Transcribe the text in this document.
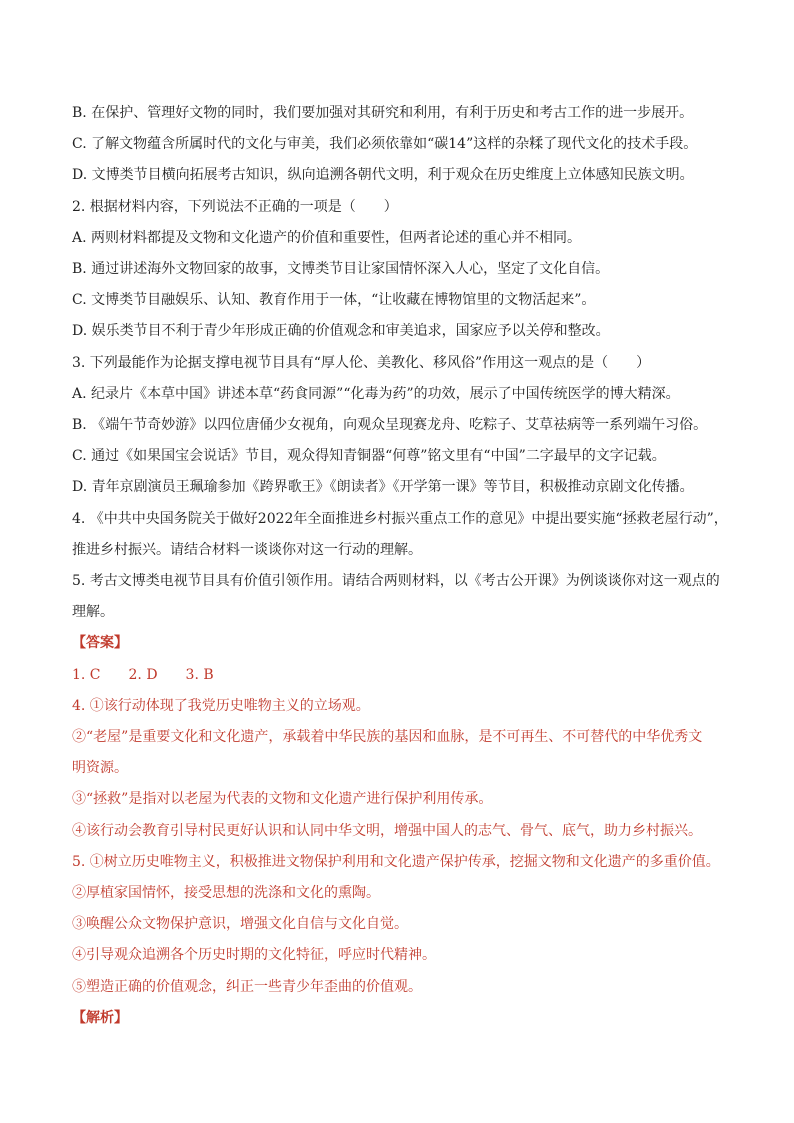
B. 在保护、管理好文物的同时，我们要加强对其研究和利用，有利于历史和考古工作的进一步展开。
C. 了解文物蕴含所属时代的文化与审美，我们必须依靠如“碳14”这样的杂糅了现代文化的技术手段。
D. 文博类节目横向拓展考古知识，纵向追溯各朝代文明，利于观众在历史维度上立体感知民族文明。
2. 根据材料内容，下列说法不正确的一项是（　　）
A. 两则材料都提及文物和文化遗产的价值和重要性，但两者论述的重心并不相同。
B. 通过讲述海外文物回家的故事，文博类节目让家国情怀深入人心，坚定了文化自信。
C. 文博类节目融娱乐、认知、教育作用于一体，“让收藏在博物馆里的文物活起来”。
D. 娱乐类节目不利于青少年形成正确的价值观念和审美追求，国家应予以关停和整改。
3. 下列最能作为论据支撑电视节目具有“厚人伦、美教化、移风俗”作用这一观点的是（　　）
A. 纪录片《本草中国》讲述本草“药食同源”“化毒为药”的功效，展示了中国传统医学的博大精深。
B. 《端午节奇妙游》以四位唐俑少女视角，向观众呈现赛龙舟、吃粽子、艾草祛病等一系列端午习俗。
C. 通过《如果国宝会说话》节目，观众得知青铜器“何尊”铭文里有“中国”二字最早的文字记载。
D. 青年京剧演员王珮瑜参加《跨界歌王》《朗读者》《开学第一课》等节目，积极推动京剧文化传播。
4. 《中共中央国务院关于做好2022年全面推进乡村振兴重点工作的意见》中提出要实施“拯救老屋行动”，
推进乡村振兴。请结合材料一谈谈你对这一行动的理解。
5. 考古文博类电视节目具有价值引领作用。请结合两则材料，以《考古公开课》为例谈谈你对这一观点的
理解。
【答案】
1. C　　2. D　　3. B
4. ①该行动体现了我党历史唯物主义的立场观。
②“老屋”是重要文化和文化遗产，承载着中华民族的基因和血脉，是不可再生、不可替代的中华优秀文
明资源。
③“拯救”是指对以老屋为代表的文物和文化遗产进行保护利用传承。
④该行动会教育引导村民更好认识和认同中华文明，增强中国人的志气、骨气、底气，助力乡村振兴。
5. ①树立历史唯物主义，积极推进文物保护利用和文化遗产保护传承，挖掘文物和文化遗产的多重价值。
②厚植家国情怀，接受思想的洗涤和文化的熏陶。
③唤醒公众文物保护意识，增强文化自信与文化自觉。
④引导观众追溯各个历史时期的文化特征，呼应时代精神。
⑤塑造正确的价值观念，纠正一些青少年歪曲的价值观。
【解析】
